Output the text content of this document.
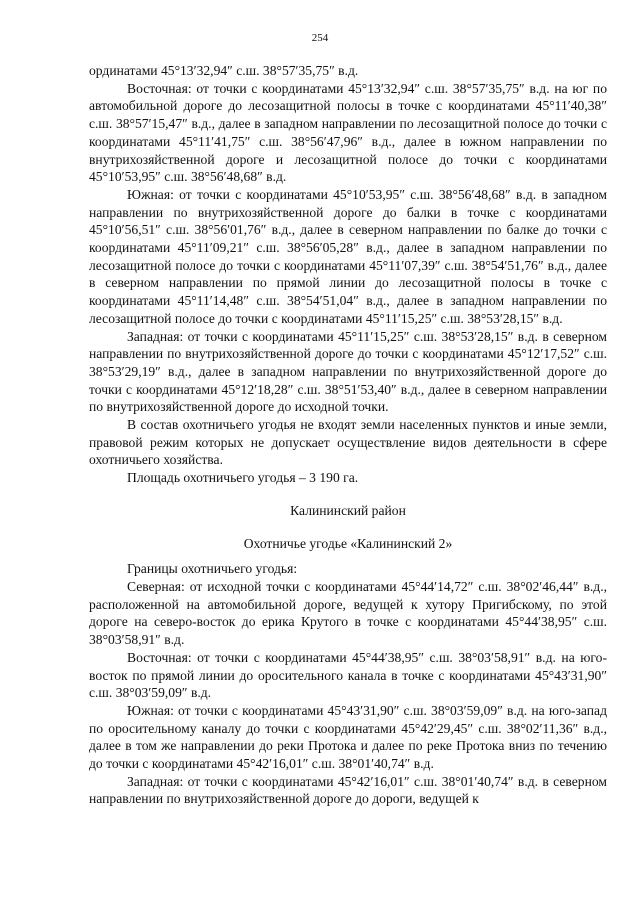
254

ординатами 45°13′32,94″ с.ш. 38°57′35,75″ в.д.

Восточная: от точки с координатами 45°13′32,94″ с.ш. 38°57′35,75″ в.д. на юг по автомобильной дороге до лесозащитной полосы в точке с координатами 45°11′40,38″ с.ш. 38°57′15,47″ в.д., далее в западном направлении по лесозащитной полосе до точки с координатами 45°11′41,75″ с.ш. 38°56′47,96″ в.д., далее в южном направлении по внутрихозяйственной дороге и лесозащитной полосе до точки с координатами 45°10′53,95″ с.ш. 38°56′48,68″ в.д.

Южная: от точки с координатами 45°10′53,95″ с.ш. 38°56′48,68″ в.д. в западном направлении по внутрихозяйственной дороге до балки в точке с координатами 45°10′56,51″ с.ш. 38°56′01,76″ в.д., далее в северном направлении по балке до точки с координатами 45°11′09,21″ с.ш. 38°56′05,28″ в.д., далее в западном направлении по лесозащитной полосе до точки с координатами 45°11′07,39″ с.ш. 38°54′51,76″ в.д., далее в северном направлении по прямой линии до лесозащитной полосы в точке с координатами 45°11′14,48″ с.ш. 38°54′51,04″ в.д., далее в западном направлении по лесозащитной полосе до точки с координатами 45°11′15,25″ с.ш. 38°53′28,15″ в.д.

Западная: от точки с координатами 45°11′15,25″ с.ш. 38°53′28,15″ в.д. в северном направлении по внутрихозяйственной дороге до точки с координатами 45°12′17,52″ с.ш. 38°53′29,19″ в.д., далее в западном направлении по внутрихозяйственной дороге до точки с координатами 45°12′18,28″ с.ш. 38°51′53,40″ в.д., далее в северном направлении по внутрихозяйственной дороге до исходной точки.

В состав охотничьего угодья не входят земли населенных пунктов и иные земли, правовой режим которых не допускает осуществление видов деятельности в сфере охотничьего хозяйства.

Площадь охотничьего угодья – 3 190 га.

Калининский район

Охотничье угодье «Калининский 2»

Границы охотничьего угодья:

Северная: от исходной точки с координатами 45°44′14,72″ с.ш. 38°02′46,44″ в.д., расположенной на автомобильной дороге, ведущей к хутору Пригибскому, по этой дороге на северо-восток до ерика Крутого в точке с координатами 45°44′38,95″ с.ш. 38°03′58,91″ в.д.

Восточная: от точки с координатами 45°44′38,95″ с.ш. 38°03′58,91″ в.д. на юго-восток по прямой линии до оросительного канала в точке с координатами 45°43′31,90″ с.ш. 38°03′59,09″ в.д.

Южная: от точки с координатами 45°43′31,90″ с.ш. 38°03′59,09″ в.д. на юго-запад по оросительному каналу до точки с координатами 45°42′29,45″ с.ш. 38°02′11,36″ в.д., далее в том же направлении до реки Протока и далее по реке Протока вниз по течению до точки с координатами 45°42′16,01″ с.ш. 38°01′40,74″ в.д.

Западная: от точки с координатами 45°42′16,01″ с.ш. 38°01′40,74″ в.д. в северном направлении по внутрихозяйственной дороге до дороги, ведущей к
